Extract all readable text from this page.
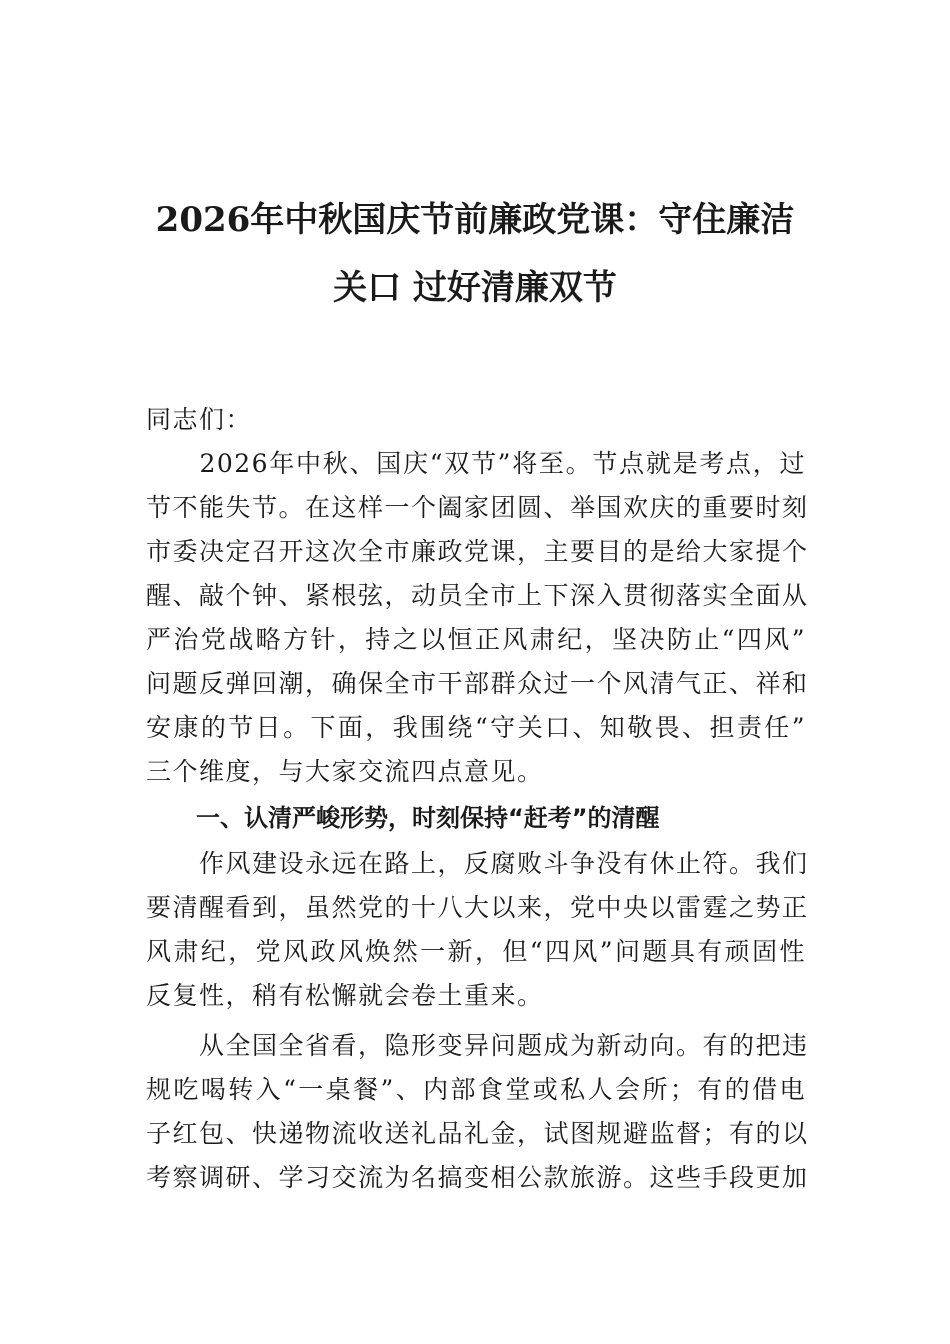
2026年中秋国庆节前廉政党课：守住廉洁
关口 过好清廉双节
同志们：
　　2026年中秋、国庆“双节”将至。节点就是考点，过
节不能失节。在这样一个阖家团圆、举国欢庆的重要时刻
市委决定召开这次全市廉政党课，主要目的是给大家提个
醒、敲个钟、紧根弦，动员全市上下深入贯彻落实全面从
严治党战略方针，持之以恒正风肃纪，坚决防止“四风”
问题反弹回潮，确保全市干部群众过一个风清气正、祥和
安康的节日。下面，我围绕“守关口、知敬畏、担责任”
三个维度，与大家交流四点意见。
一、认清严峻形势，时刻保持“赶考”的清醒
　　作风建设永远在路上，反腐败斗争没有休止符。我们
要清醒看到，虽然党的十八大以来，党中央以雷霆之势正
风肃纪，党风政风焕然一新，但“四风”问题具有顽固性
反复性，稍有松懈就会卷土重来。
　　从全国全省看，隐形变异问题成为新动向。有的把违
规吃喝转入“一桌餐”、内部食堂或私人会所；有的借电
子红包、快递物流收送礼品礼金，试图规避监督；有的以
考察调研、学习交流为名搞变相公款旅游。这些手段更加
